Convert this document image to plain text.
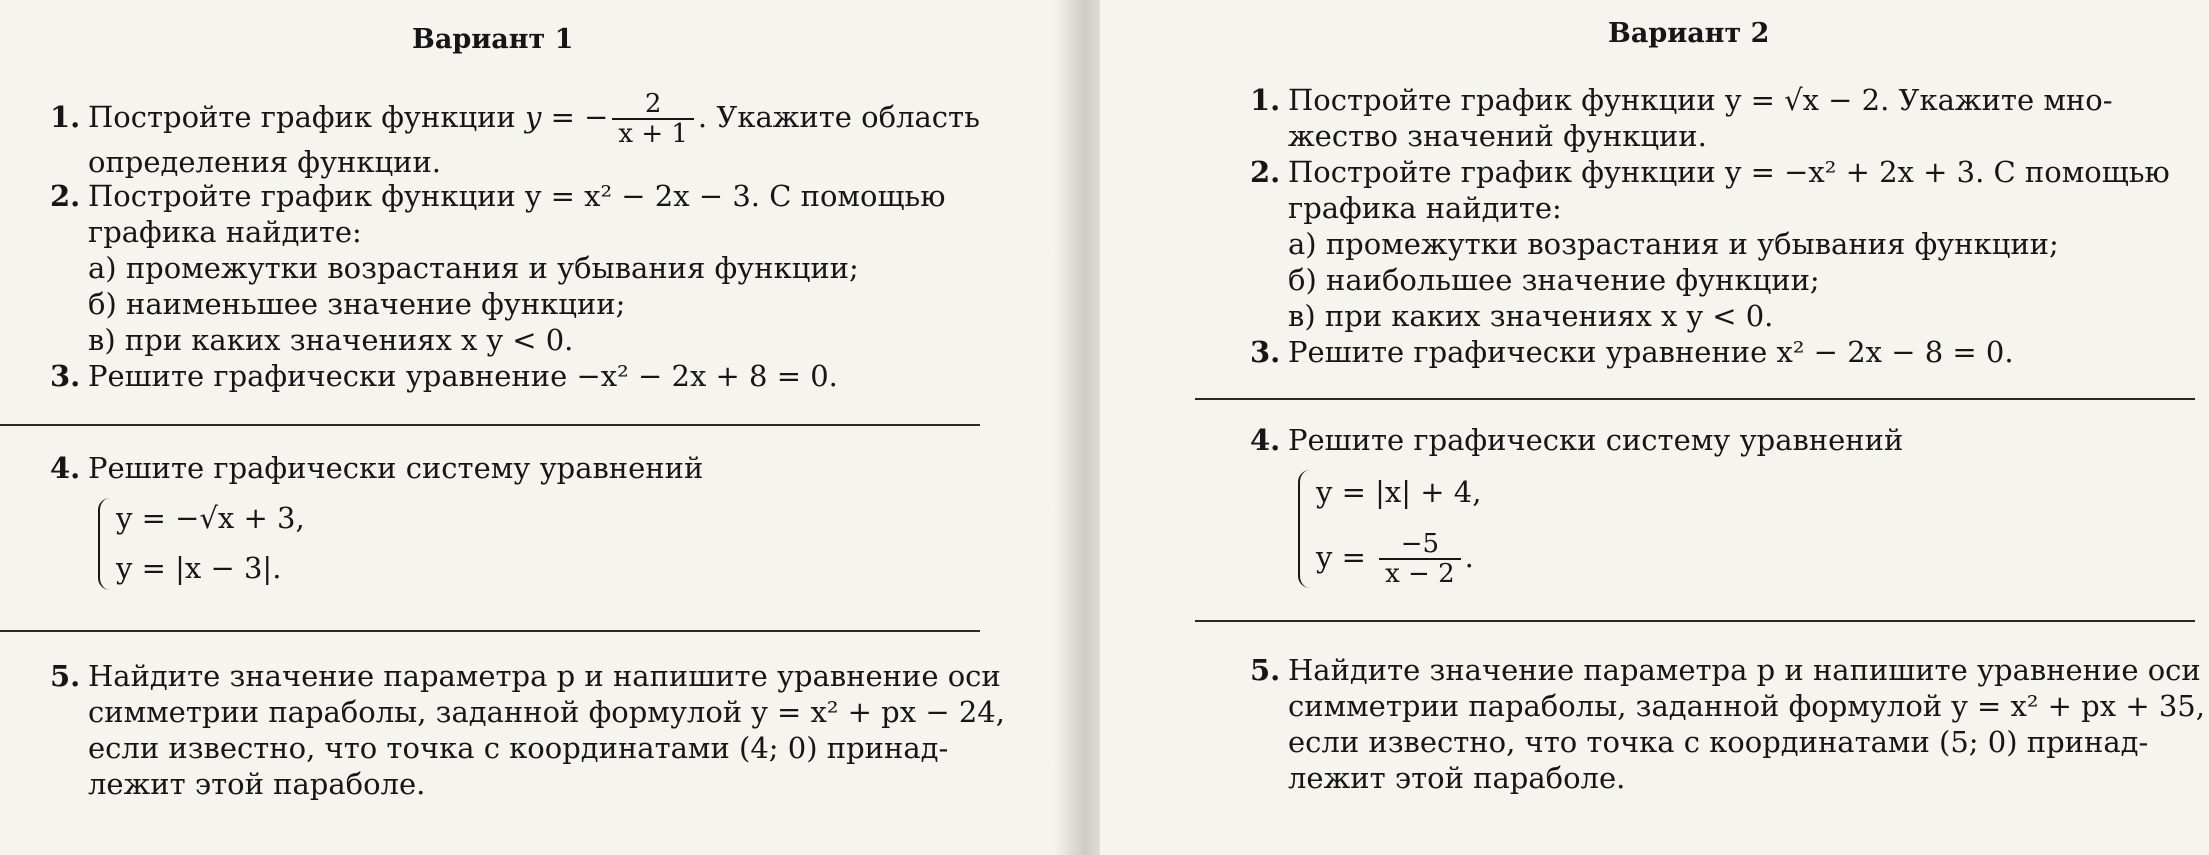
Вариант 1
1. Постройте график функции y = − $\frac{2}{x + 1}$ . Укажите область
определения функции.
2. Постройте график функции y = x² − 2x − 3. С помощью
графика найдите:
а) промежутки возрастания и убывания функции;
б) наименьшее значение функции;
в) при каких значениях x y < 0.
3. Решите графически уравнение −x² − 2x + 8 = 0.
4. Решите графически систему уравнений
y = −√x + 3,
y = |x − 3|.
5. Найдите значение параметра p и напишите уравнение оси
симметрии параболы, заданной формулой y = x² + px − 24,
если известно, что точка с координатами (4; 0) принад-
лежит этой параболе.
Вариант 2
1. Постройте график функции y = √x − 2. Укажите мно-
жество значений функции.
2. Постройте график функции y = −x² + 2x + 3. С помощью
графика найдите:
а) промежутки возрастания и убывания функции;
б) наибольшее значение функции;
в) при каких значениях x y < 0.
3. Решите графически уравнение x² − 2x − 8 = 0.
4. Решите графически систему уравнений
y = |x| + 4,
$y = \frac{-5}{x - 2}$ .
5. Найдите значение параметра p и напишите уравнение оси
симметрии параболы, заданной формулой y = x² + px + 35,
если известно, что точка с координатами (5; 0) принад-
лежит этой параболе.
